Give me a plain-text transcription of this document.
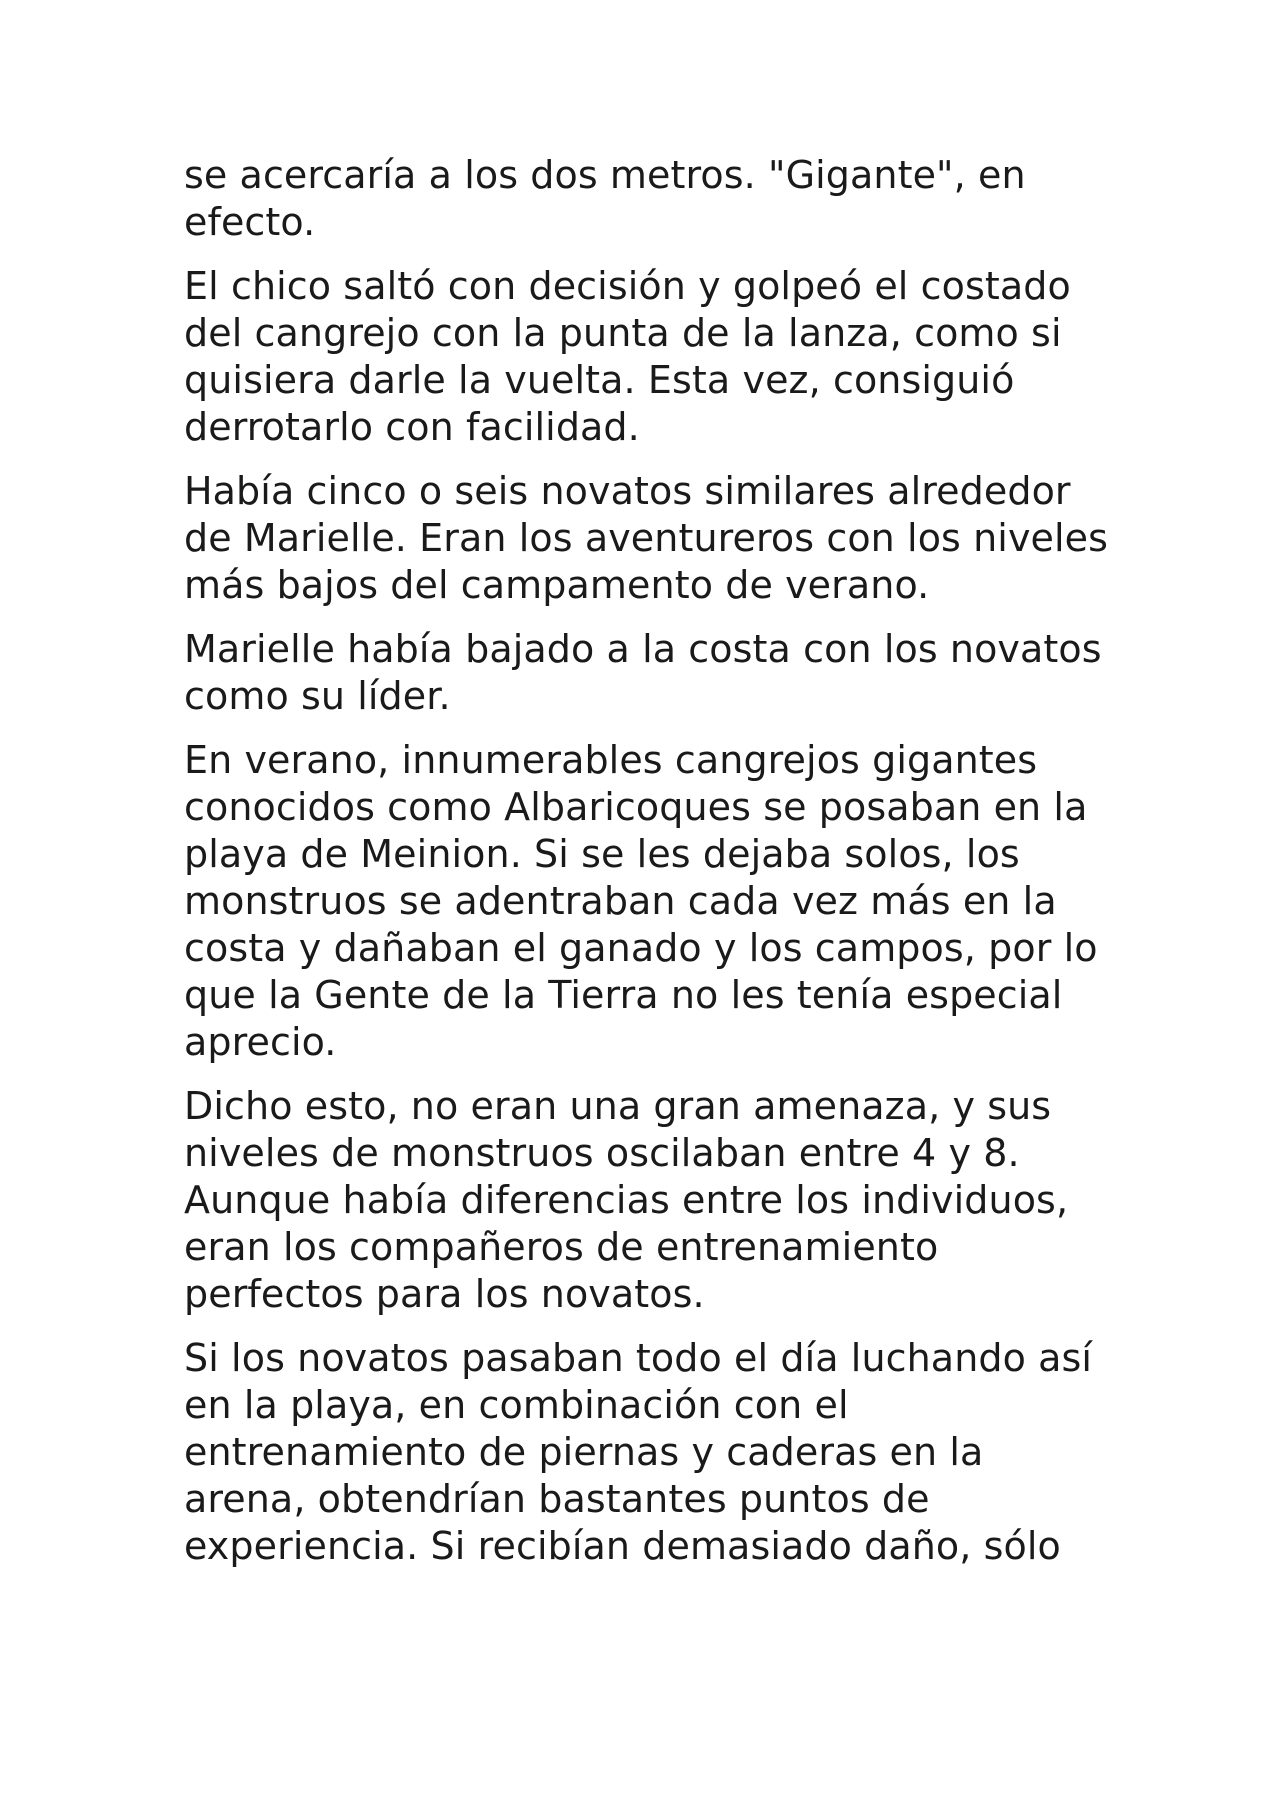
se acercaría a los dos metros. "Gigante", en efecto.

El chico saltó con decisión y golpeó el costado del cangrejo con la punta de la lanza, como si quisiera darle la vuelta. Esta vez, consiguió derrotarlo con facilidad.

Había cinco o seis novatos similares alrededor de Marielle. Eran los aventureros con los niveles más bajos del campamento de verano.

Marielle había bajado a la costa con los novatos como su líder.

En verano, innumerables cangrejos gigantes conocidos como Albaricoques se posaban en la playa de Meinion. Si se les dejaba solos, los monstruos se adentraban cada vez más en la costa y dañaban el ganado y los campos, por lo que la Gente de la Tierra no les tenía especial aprecio.

Dicho esto, no eran una gran amenaza, y sus niveles de monstruos oscilaban entre 4 y 8. Aunque había diferencias entre los individuos, eran los compañeros de entrenamiento perfectos para los novatos.

Si los novatos pasaban todo el día luchando así en la playa, en combinación con el entrenamiento de piernas y caderas en la arena, obtendrían bastantes puntos de experiencia. Si recibían demasiado daño, sólo
